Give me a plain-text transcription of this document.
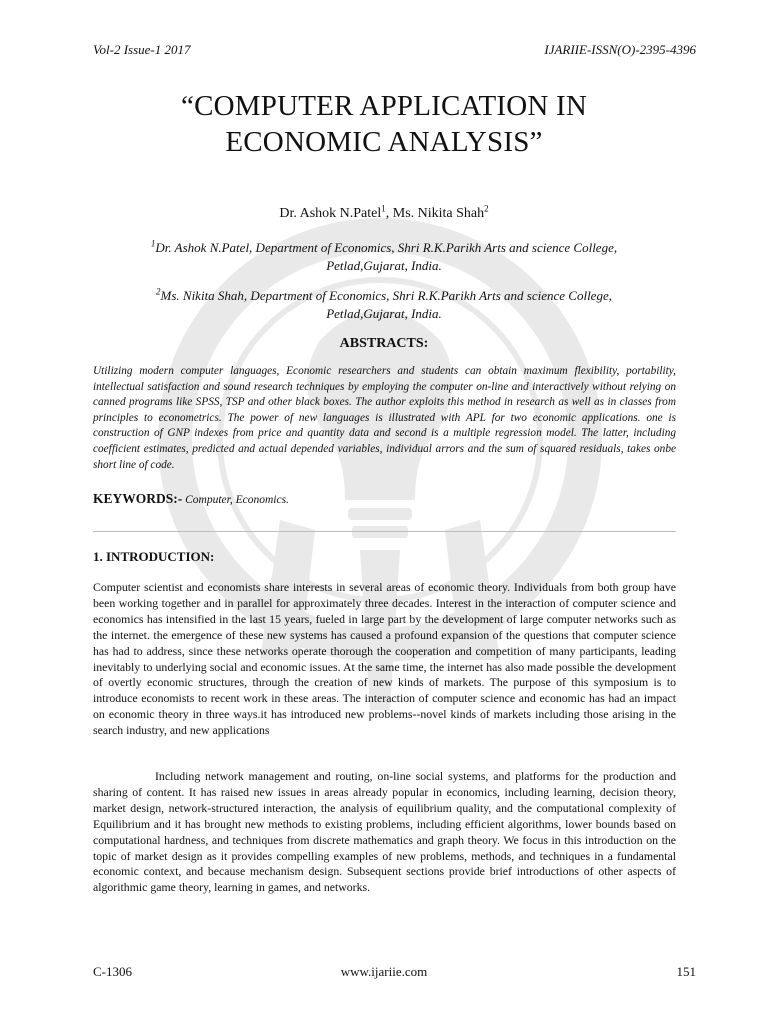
Vol-2 Issue-1 2017	IJARIIE-ISSN(O)-2395-4396
“COMPUTER APPLICATION IN
ECONOMIC ANALYSIS”
Dr. Ashok N.Patel$^1$, Ms. Nikita Shah$^2$
$^1$Dr. Ashok N.Patel, Department of Economics, Shri R.K.Parikh Arts and science College,
Petlad,Gujarat, India.
$^2$Ms. Nikita Shah, Department of Economics, Shri R.K.Parikh Arts and science College,
Petlad,Gujarat, India.
ABSTRACTS:
Utilizing modern computer languages, Economic researchers and students can obtain maximum flexibility, portability, intellectual satisfaction and sound research techniques by employing the computer on-line and interactively without relying on canned programs like SPSS, TSP and other black boxes. The author exploits this method in research as well as in classes from principles to econometrics. The power of new languages is illustrated with APL for two economic applications. one is construction of GNP indexes from price and quantity data and second is a multiple regression model. The latter, including coefficient estimates, predicted and actual depended variables, individual arrors and the sum of squared residuals, takes onbe short line of code.
KEYWORDS:- Computer, Economics.
1. INTRODUCTION:
Computer scientist and economists share interests in several areas of economic theory. Individuals from both group have been working together and in parallel for approximately three decades. Interest in the interaction of computer science and economics has intensified in the last 15 years, fueled in large part by the development of large computer networks such as the internet. the emergence of these new systems has caused a profound expansion of the questions that computer science has had to address, since these networks operate thorough the cooperation and competition of many participants, leading inevitably to underlying social and economic issues. At the same time, the internet has also made possible the development of overtly economic structures, through the creation of new kinds of markets. The purpose of this symposium is to introduce economists to recent work in these areas. The interaction of computer science and economic has had an impact on economic theory in three ways.it has introduced new problems--novel kinds of markets including those arising in the search industry, and new applications
Including network management and routing, on-line social systems, and platforms for the production and sharing of content. It has raised new issues in areas already popular in economics, including learning, decision theory, market design, network-structured interaction, the analysis of equilibrium quality, and the computational complexity of Equilibrium and it has brought new methods to existing problems, including efficient algorithms, lower bounds based on computational hardness, and techniques from discrete mathematics and graph theory. We focus in this introduction on the topic of market design as it provides compelling examples of new problems, methods, and techniques in a fundamental economic context, and because mechanism design. Subsequent sections provide brief introductions of other aspects of algorithmic game theory, learning in games, and networks.
C-1306	www.ijariie.com	151
